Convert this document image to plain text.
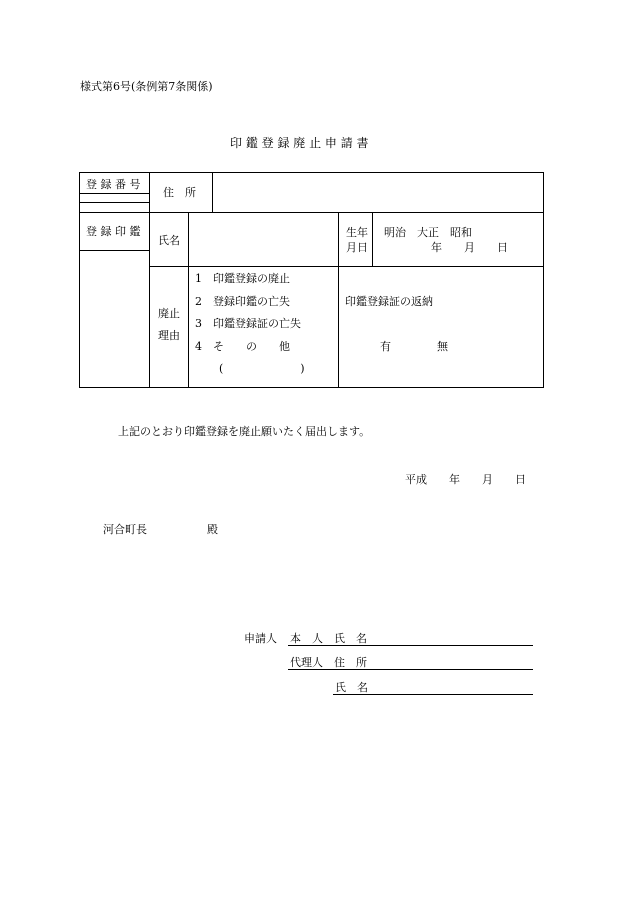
様式第6号(条例第7条関係)
印 鑑 登 録 廃 止 申 請 書
登 録 番 号
住　所
登 録 印 鑑
氏名
生年
月日
明治　大正　昭和
年　　月　　日
廃止
理由
1　印鑑登録の廃止
2　登録印鑑の亡失
3　印鑑登録証の亡失
4　そ　　の　　他
(　　　　　　　)
印鑑登録証の返納
有	無
上記のとおり印鑑登録を廃止願いたく届出します。
平成　　年　　月　　日
河合町長	殿
申請人 本　人　氏　名
代理人　住　所
氏　名
